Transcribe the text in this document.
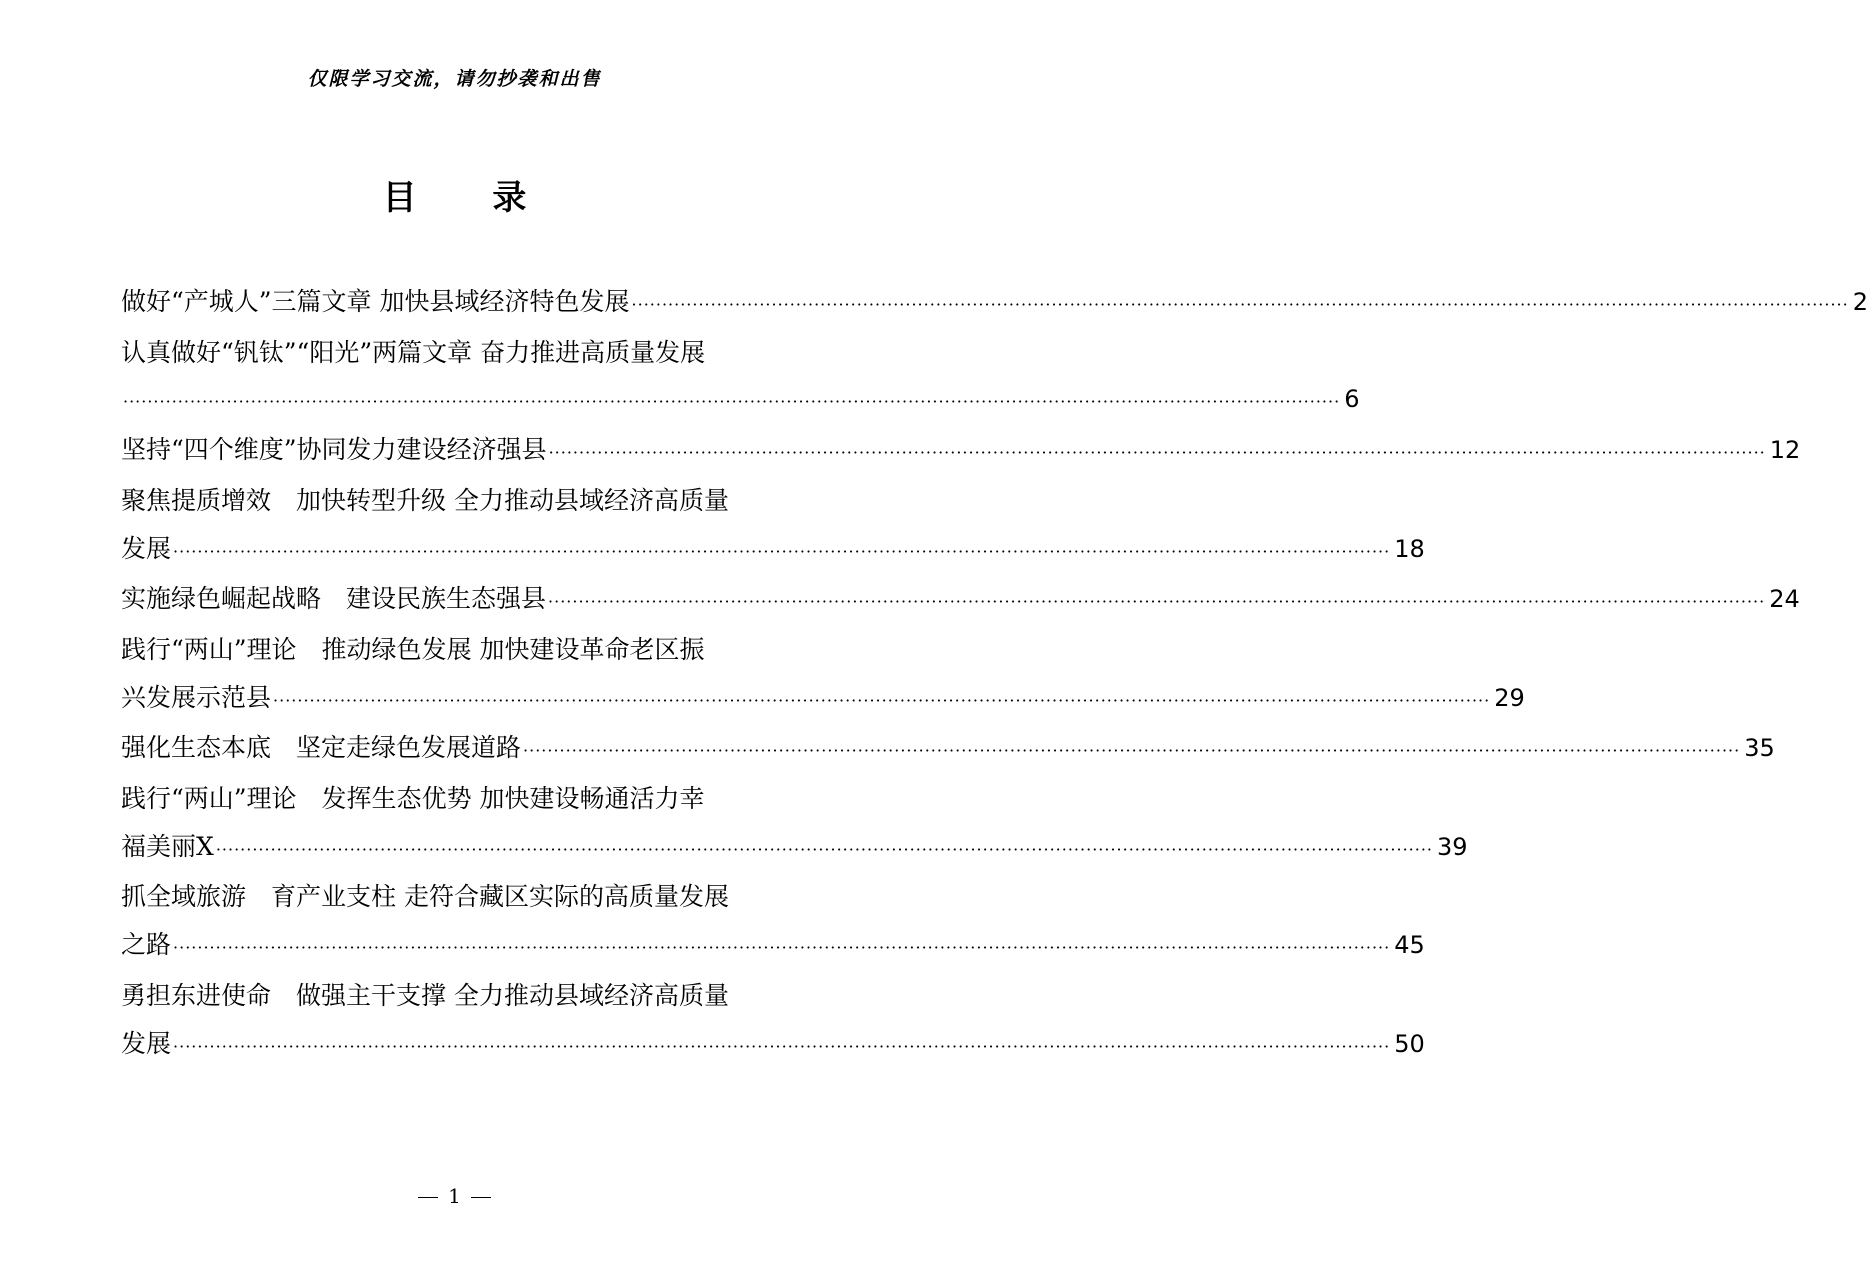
仅限学习交流，请勿抄袭和出售
目 录
做好“产城人”三篇文章 加快县域经济特色发展 ········································································································································································································ 2
认真做好“钒钛”“阳光”两篇文章 奋力推进高质量发展
········································································································································································································ 6
坚持“四个维度”协同发力建设经济强县 ········································································································································································································ 12
聚焦提质增效　加快转型升级 全力推动县域经济高质量
发展 ········································································································································································································ 18
实施绿色崛起战略　建设民族生态强县 ········································································································································································································ 24
践行“两山”理论　推动绿色发展 加快建设革命老区振
兴发展示范县 ········································································································································································································ 29
强化生态本底　坚定走绿色发展道路 ········································································································································································································ 35
践行“两山”理论　发挥生态优势 加快建设畅通活力幸
福美丽X ········································································································································································································ 39
抓全域旅游　育产业支柱 走符合藏区实际的高质量发展
之路 ········································································································································································································ 45
勇担东进使命　做强主干支撑 全力推动县域经济高质量
发展 ········································································································································································································ 50
1
